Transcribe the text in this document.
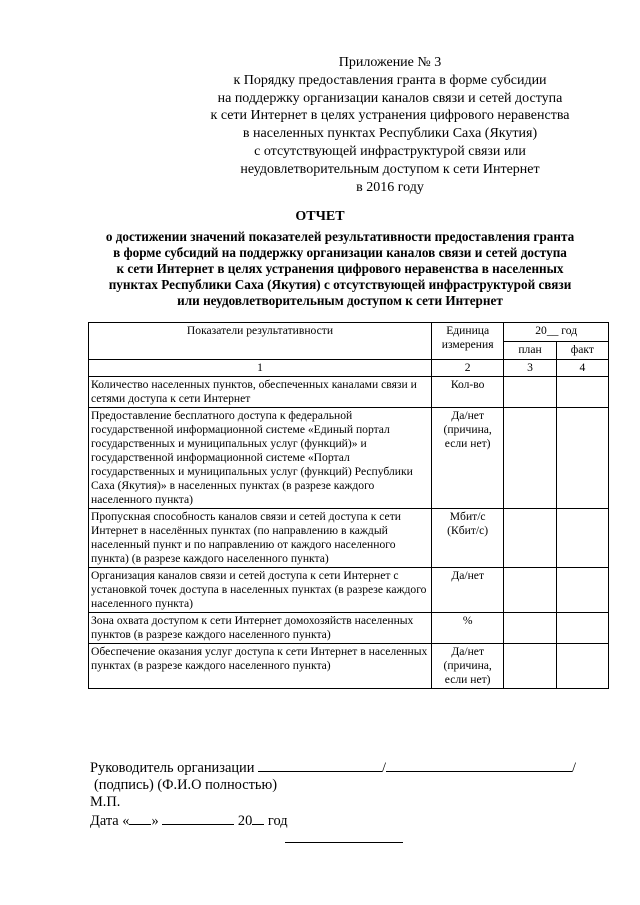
Приложение № 3
к Порядку предоставления гранта в форме субсидии
на поддержку организации каналов связи и сетей доступа
к сети Интернет в целях устранения цифрового неравенства
в населенных пунктах Республики Саха (Якутия)
с отсутствующей инфраструктурой связи или
неудовлетворительным доступом к сети Интернет
в 2016 году
ОТЧЕТ
о достижении значений показателей результативности предоставления гранта
в форме субсидий на поддержку организации каналов связи и сетей доступа
к сети Интернет в целях устранения цифрового неравенства в населенных
пунктах Республики Саха (Якутия) с отсутствующей инфраструктурой связи
или неудовлетворительным доступом к сети Интернет
Показатели результативности	Единица измерения	20__ год	
		план	факт
1	2	3	4
Количество населенных пунктов, обеспеченных каналами связи и сетями доступа к сети Интернет	Кол-во		
Предоставление бесплатного доступа к федеральной государственной информационной системе «Единый портал государственных и муниципальных услуг (функций)» и государственной информационной системе «Портал государственных и муниципальных услуг (функций) Республики Саха (Якутия)» в населенных пунктах (в разрезе каждого населенного пункта)	Да/нет (причина, если нет)		
Пропускная способность каналов связи и сетей доступа к сети Интернет в населённых пунктах (по направлению в каждый населенный пункт и по направлению от каждого населенного пункта) (в разрезе каждого населенного пункта)	Мбит/с (Кбит/с)		
Организация каналов связи и сетей доступа к сети Интернет с установкой точек доступа в населенных пунктах (в разрезе каждого населенного пункта)	Да/нет		
Зона охвата доступом к сети Интернет домохозяйств населенных пунктов (в разрезе каждого населенного пункта)	%		
Обеспечение оказания услуг доступа к сети Интернет в населенных пунктах (в разрезе каждого населенного пункта)	Да/нет (причина, если нет)		
Руководитель организации	/	/
(подпись) (Ф.И.О полностью)
М.П.
Дата « »	20 год
